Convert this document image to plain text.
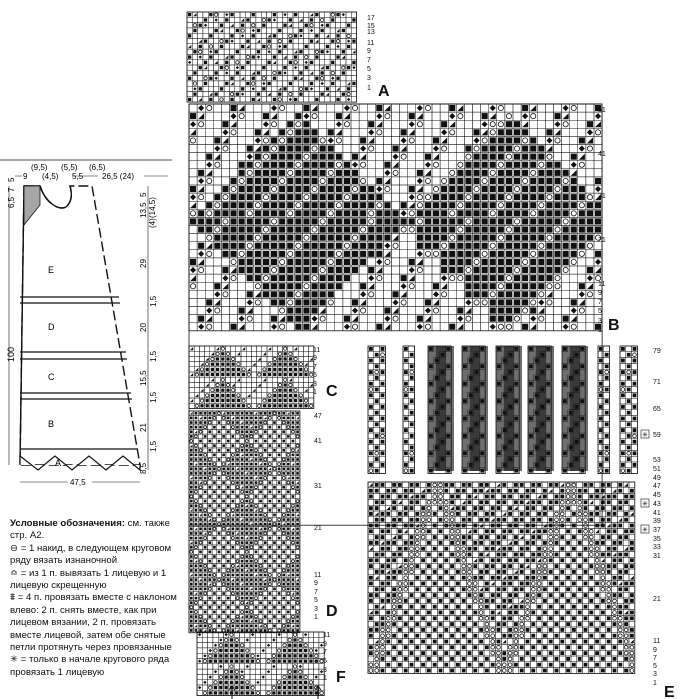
(9,5) (5,5) (6,5)
9 (4,5) 5,5 26,5 (24)
E
D
C
B
A
6,5
7
5
100
5
13,5 (14,5)
(4)
29
1,5
20
1,5
15,5
1,5
21
1,5
8,5
47,5
17
15
13
11
9
7
5
3
1 A
51
41
31
21
11
9
7
5
3
1 B
11
9
7
5
3
1 C
47
41
31
21
11
9
7
5
3
1 D
79
71
65
59
53
51
49
47
45
43
41
39
37
35
33
31
21
11
9
7
5
3
1
✳
✳
✳
E
11
9
7
5
3
1 F

Условные обозначения: см. также стр. А2.

⊖ = 1 накид, в следующем круговом ряду вязать изнаночной

≏ = из 1 п. вывязать 1 лицевую и 1 лицевую скрещенную

⩩ = 4 п. провязать вместе с наклоном влево: 2 п. снять вместе, как при лицевом вязании, 2 п. провязать вместе лицевой, затем обе снятые петли протянуть через провязанные

✳ = только в начале кругового ряда провязать 1 лицевую
